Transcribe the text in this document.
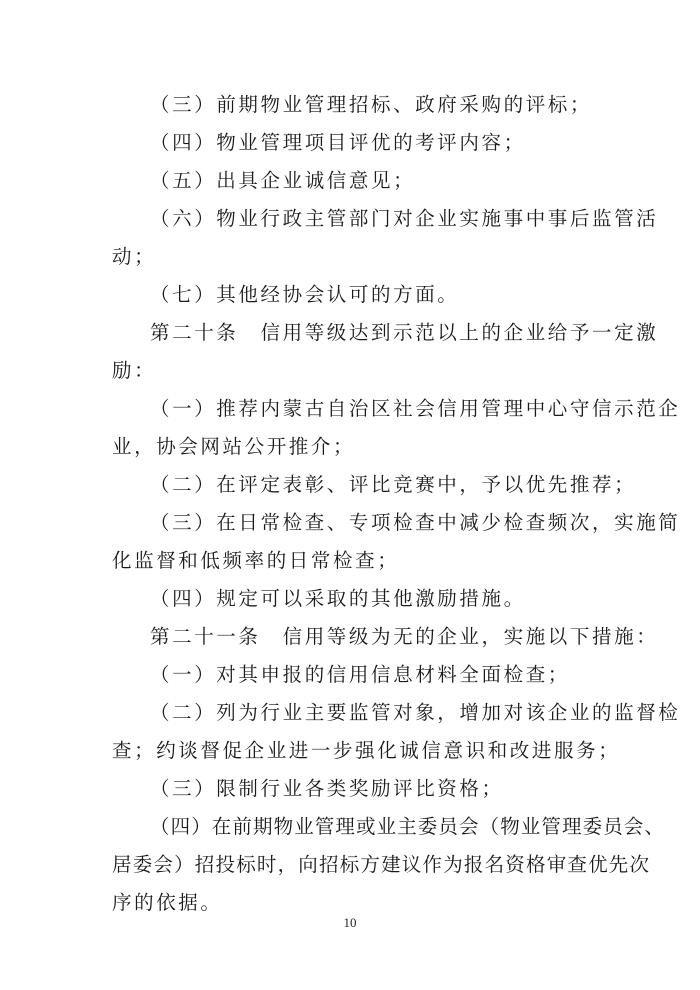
（三）前期物业管理招标、政府采购的评标；
（四）物业管理项目评优的考评内容；
（五）出具企业诚信意见；
（六）物业行政主管部门对企业实施事中事后监管活
动；
（七）其他经协会认可的方面。
第二十条　信用等级达到示范以上的企业给予一定激
励：
（一）推荐内蒙古自治区社会信用管理中心守信示范企
业，协会网站公开推介；
（二）在评定表彰、评比竞赛中，予以优先推荐；
（三）在日常检查、专项检查中减少检查频次，实施简
化监督和低频率的日常检查；
（四）规定可以采取的其他激励措施。
第二十一条　信用等级为无的企业，实施以下措施：
（一）对其申报的信用信息材料全面检查；
（二）列为行业主要监管对象，增加对该企业的监督检
查；约谈督促企业进一步强化诚信意识和改进服务；
（三）限制行业各类奖励评比资格；
（四）在前期物业管理或业主委员会（物业管理委员会、
居委会）招投标时，向招标方建议作为报名资格审查优先次
序的依据。
10
